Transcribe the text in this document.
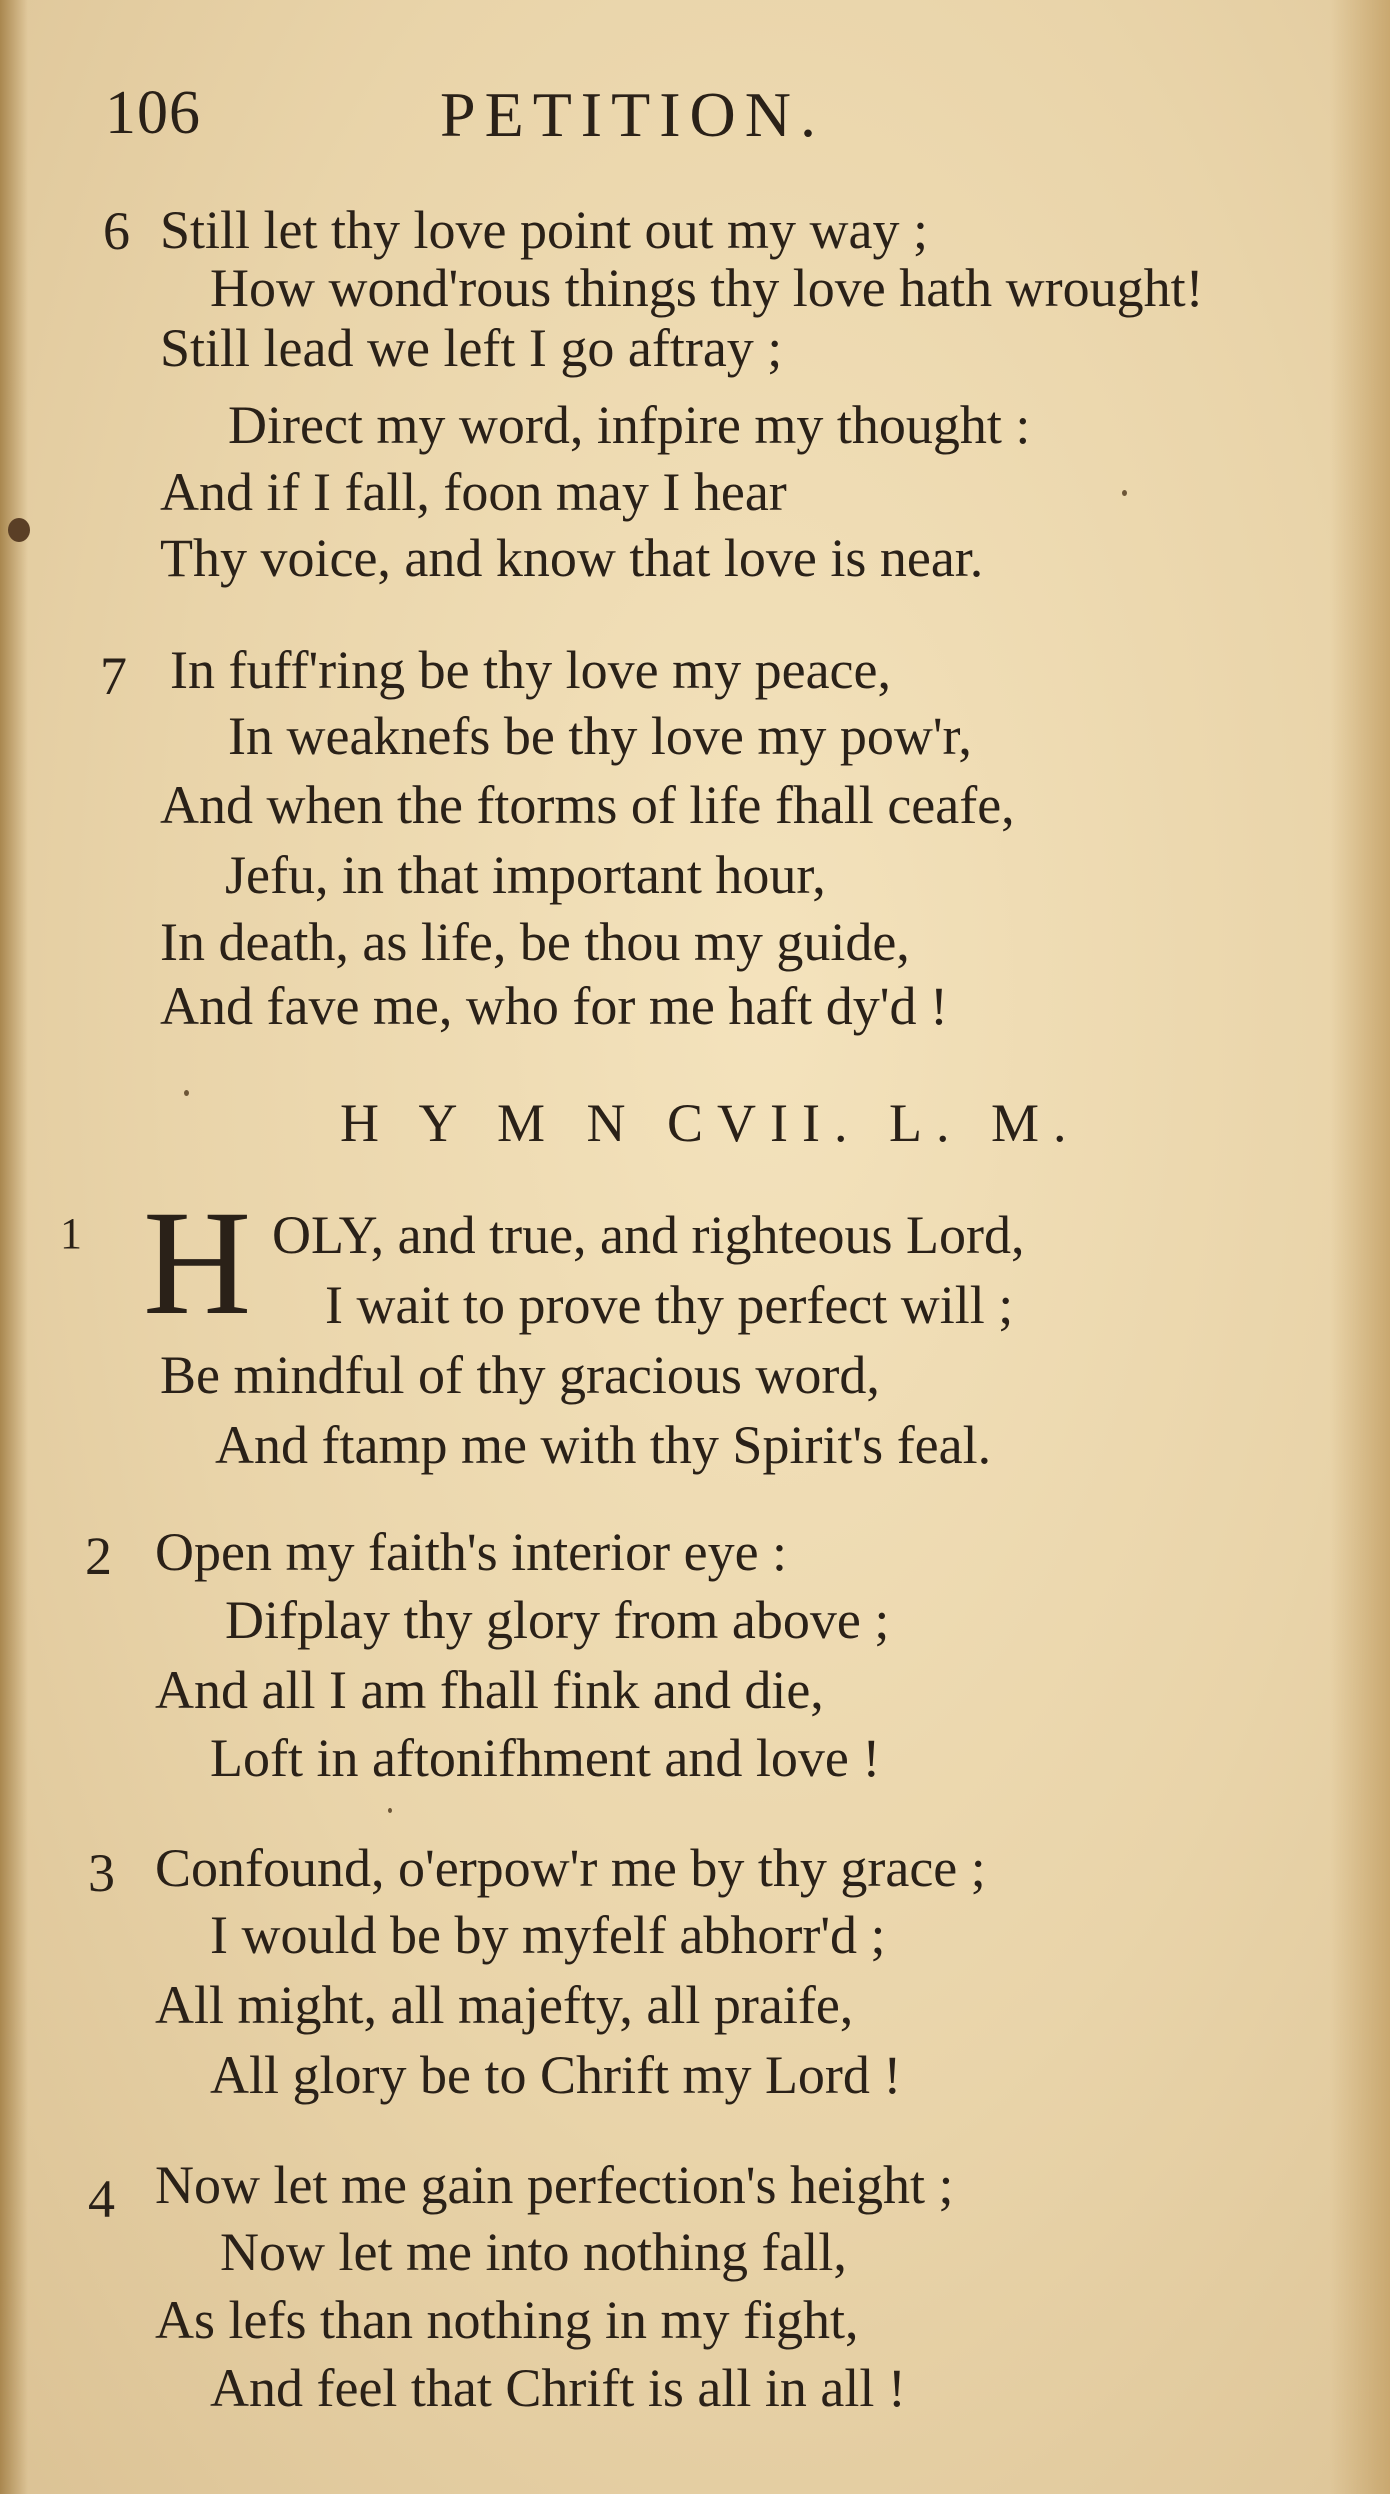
106	PETITION.
6 Still let thy love point out my way ;
How wond'rous things thy love hath wrought!
Still lead we left I go aftray ;
Direct my word, infpire my thought :
And if I fall, foon may I hear
Thy voice, and know that love is near.
7 In fuff'ring be thy love my peace,
In weaknefs be thy love my pow'r,
And when the ftorms of life fhall ceafe,
Jefu, in that important hour,
In death, as life, be thou my guide,
And fave me, who for me haft dy'd !
H Y M N CVII. L. M.
1 H OLY, and true, and righteous Lord,
I wait to prove thy perfect will ;
Be mindful of thy gracious word,
And ftamp me with thy Spirit's feal.
2 Open my faith's interior eye :
Difplay thy glory from above ;
And all I am fhall fink and die,
Loft in aftonifhment and love !
3 Confound, o'erpow'r me by thy grace ;
I would be by myfelf abhorr'd ;
All might, all majefty, all praife,
All glory be to Chrift my Lord !
4 Now let me gain perfection's height ;
Now let me into nothing fall,
As lefs than nothing in my fight,
And feel that Chrift is all in all !
